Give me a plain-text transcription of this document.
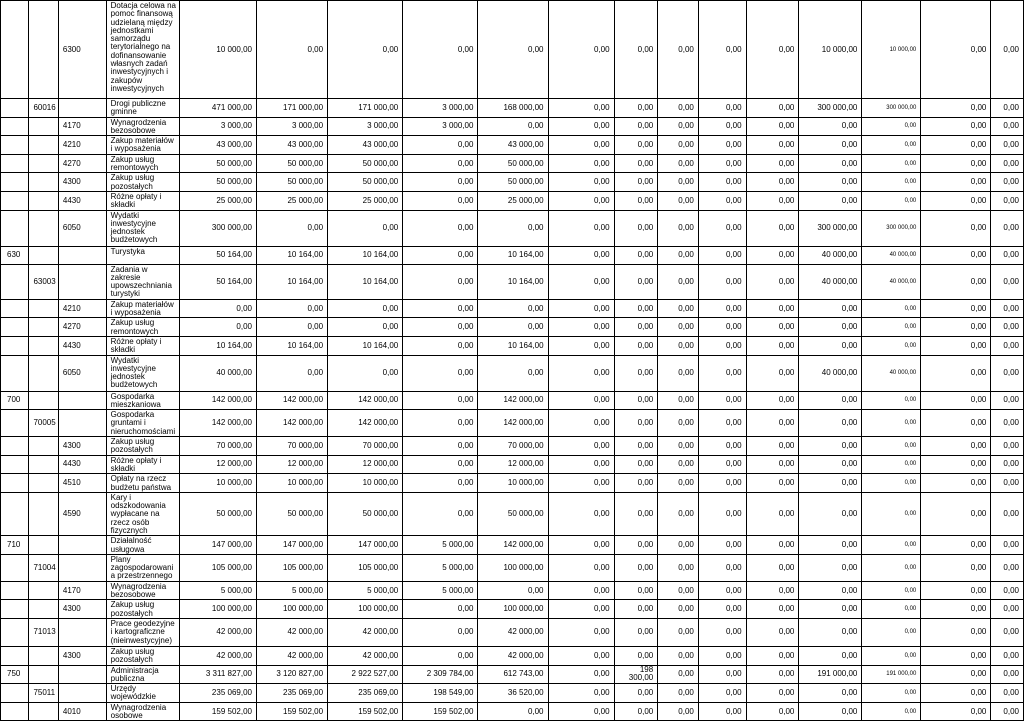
		6300	Dotacja celowa na pomoc finansową udzielaną między jednostkami samorządu terytorialnego na dofinansowanie własnych zadań inwestycyjnych i zakupów inwestycyjnych	10 000,00	0,00	0,00	0,00	0,00	0,00	0,00	0,00	0,00	0,00	10 000,00	10 000,00	0,00	0,00
	60016		Drogi publiczne gminne	471 000,00	171 000,00	171 000,00	3 000,00	168 000,00	0,00	0,00	0,00	0,00	0,00	300 000,00	300 000,00	0,00	0,00
		4170	Wynagrodzenia bezosobowe	3 000,00	3 000,00	3 000,00	3 000,00	0,00	0,00	0,00	0,00	0,00	0,00	0,00	0,00	0,00	0,00
		4210	Zakup materiałów i wyposażenia	43 000,00	43 000,00	43 000,00	0,00	43 000,00	0,00	0,00	0,00	0,00	0,00	0,00	0,00	0,00	0,00
		4270	Zakup usług remontowych	50 000,00	50 000,00	50 000,00	0,00	50 000,00	0,00	0,00	0,00	0,00	0,00	0,00	0,00	0,00	0,00
		4300	Zakup usług pozostałych	50 000,00	50 000,00	50 000,00	0,00	50 000,00	0,00	0,00	0,00	0,00	0,00	0,00	0,00	0,00	0,00
		4430	Różne opłaty i składki	25 000,00	25 000,00	25 000,00	0,00	25 000,00	0,00	0,00	0,00	0,00	0,00	0,00	0,00	0,00	0,00
		6050	Wydatki inwestycyjne jednostek budżetowych	300 000,00	0,00	0,00	0,00	0,00	0,00	0,00	0,00	0,00	0,00	300 000,00	300 000,00	0,00	0,00
630			Turystyka	50 164,00	10 164,00	10 164,00	0,00	10 164,00	0,00	0,00	0,00	0,00	0,00	40 000,00	40 000,00	0,00	0,00
	63003		Zadania w zakresie upowszechniania turystyki	50 164,00	10 164,00	10 164,00	0,00	10 164,00	0,00	0,00	0,00	0,00	0,00	40 000,00	40 000,00	0,00	0,00
		4210	Zakup materiałów i wyposażenia	0,00	0,00	0,00	0,00	0,00	0,00	0,00	0,00	0,00	0,00	0,00	0,00	0,00	0,00
		4270	Zakup usług remontowych	0,00	0,00	0,00	0,00	0,00	0,00	0,00	0,00	0,00	0,00	0,00	0,00	0,00	0,00
		4430	Różne opłaty i składki	10 164,00	10 164,00	10 164,00	0,00	10 164,00	0,00	0,00	0,00	0,00	0,00	0,00	0,00	0,00	0,00
		6050	Wydatki inwestycyjne jednostek budżetowych	40 000,00	0,00	0,00	0,00	0,00	0,00	0,00	0,00	0,00	0,00	40 000,00	40 000,00	0,00	0,00
700			Gospodarka mieszkaniowa	142 000,00	142 000,00	142 000,00	0,00	142 000,00	0,00	0,00	0,00	0,00	0,00	0,00	0,00	0,00	0,00
	70005		Gospodarka gruntami i nieruchomościami	142 000,00	142 000,00	142 000,00	0,00	142 000,00	0,00	0,00	0,00	0,00	0,00	0,00	0,00	0,00	0,00
		4300	Zakup usług pozostałych	70 000,00	70 000,00	70 000,00	0,00	70 000,00	0,00	0,00	0,00	0,00	0,00	0,00	0,00	0,00	0,00
		4430	Różne opłaty i składki	12 000,00	12 000,00	12 000,00	0,00	12 000,00	0,00	0,00	0,00	0,00	0,00	0,00	0,00	0,00	0,00
		4510	Opłaty na rzecz budżetu państwa	10 000,00	10 000,00	10 000,00	0,00	10 000,00	0,00	0,00	0,00	0,00	0,00	0,00	0,00	0,00	0,00
		4590	Kary i odszkodowania wypłacane na rzecz osób fizycznych	50 000,00	50 000,00	50 000,00	0,00	50 000,00	0,00	0,00	0,00	0,00	0,00	0,00	0,00	0,00	0,00
710			Działalność usługowa	147 000,00	147 000,00	147 000,00	5 000,00	142 000,00	0,00	0,00	0,00	0,00	0,00	0,00	0,00	0,00	0,00
	71004		Plany zagospodarowania przestrzennego	105 000,00	105 000,00	105 000,00	5 000,00	100 000,00	0,00	0,00	0,00	0,00	0,00	0,00	0,00	0,00	0,00
		4170	Wynagrodzenia bezosobowe	5 000,00	5 000,00	5 000,00	5 000,00	0,00	0,00	0,00	0,00	0,00	0,00	0,00	0,00	0,00	0,00
		4300	Zakup usług pozostałych	100 000,00	100 000,00	100 000,00	0,00	100 000,00	0,00	0,00	0,00	0,00	0,00	0,00	0,00	0,00	0,00
	71013		Prace geodezyjne i kartograficzne (nieinwestycyjne)	42 000,00	42 000,00	42 000,00	0,00	42 000,00	0,00	0,00	0,00	0,00	0,00	0,00	0,00	0,00	0,00
		4300	Zakup usług pozostałych	42 000,00	42 000,00	42 000,00	0,00	42 000,00	0,00	0,00	0,00	0,00	0,00	0,00	0,00	0,00	0,00
750			Administracja publiczna	3 311 827,00	3 120 827,00	2 922 527,00	2 309 784,00	612 743,00	0,00	198 300,00	0,00	0,00	0,00	191 000,00	191 000,00	0,00	0,00
	75011		Urzędy wojewódzkie	235 069,00	235 069,00	235 069,00	198 549,00	36 520,00	0,00	0,00	0,00	0,00	0,00	0,00	0,00	0,00	0,00
		4010	Wynagrodzenia osobowe	159 502,00	159 502,00	159 502,00	159 502,00	0,00	0,00	0,00	0,00	0,00	0,00	0,00	0,00	0,00	0,00
